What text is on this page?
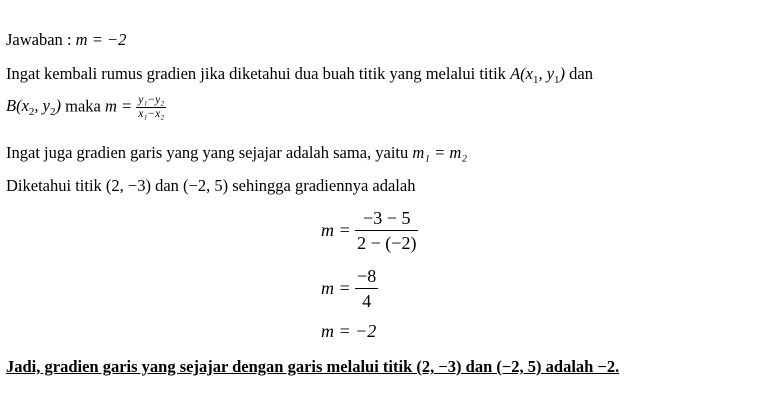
Jawaban : m = −2
Ingat kembali rumus gradien jika diketahui dua buah titik yang melalui titik $A(x_1$, $y_1$) dan
$B(x_2$, $y_2$) maka $m = \frac{\text{y₁−y₂}}{\text{x₁−x₂}}$
Ingat juga gradien garis yang yang sejajar adalah sama, yaitu m₁ = m₂
Diketahui titik (2, −3) dan (−2, 5) sehingga gradiennya adalah
$m = \frac{-3 - 5}{2 - (-2)}$
$m = \frac{-8}{4}$
m = −2
Jadi, gradien garis yang sejajar dengan garis melalui titik (2, −3) dan (−2, 5) adalah −2.
